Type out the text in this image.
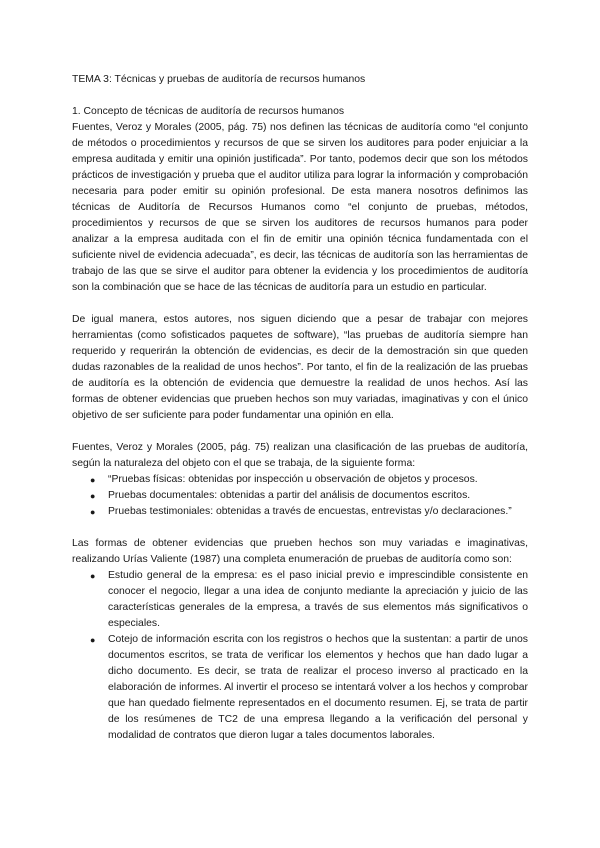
TEMA 3: Técnicas y pruebas de auditoría de recursos humanos

1. Concepto de técnicas de auditoría de recursos humanos

Fuentes, Veroz y Morales (2005, pág. 75) nos definen las técnicas de auditoría como “el conjunto de métodos o procedimientos y recursos de que se sirven los auditores para poder enjuiciar a la empresa auditada y emitir una opinión justificada”. Por tanto, podemos decir que son los métodos prácticos de investigación y prueba que el auditor utiliza para lograr la información y comprobación necesaria para poder emitir su opinión profesional. De esta manera nosotros definimos las técnicas de Auditoría de Recursos Humanos como “el conjunto de pruebas, métodos, procedimientos y recursos de que se sirven los auditores de recursos humanos para poder analizar a la empresa auditada con el fin de emitir una opinión técnica fundamentada con el suficiente nivel de evidencia adecuada”, es decir, las técnicas de auditoría son las herramientas de trabajo de las que se sirve el auditor para obtener la evidencia y los procedimientos de auditoría son la combinación que se hace de las técnicas de auditoría para un estudio en particular.

De igual manera, estos autores, nos siguen diciendo que a pesar de trabajar con mejores herramientas (como sofisticados paquetes de software), “las pruebas de auditoría siempre han requerido y requerirán la obtención de evidencias, es decir de la demostración sin que queden dudas razonables de la realidad de unos hechos”. Por tanto, el fin de la realización de las pruebas de auditoría es la obtención de evidencia que demuestre la realidad de unos hechos. Así las formas de obtener evidencias que prueben hechos son muy variadas, imaginativas y con el único objetivo de ser suficiente para poder fundamentar una opinión en ella.

Fuentes, Veroz y Morales (2005, pág. 75) realizan una clasificación de las pruebas de auditoría, según la naturaleza del objeto con el que se trabaja, de la siguiente forma:

● “Pruebas físicas: obtenidas por inspección u observación de objetos y procesos.
● Pruebas documentales: obtenidas a partir del análisis de documentos escritos.
● Pruebas testimoniales: obtenidas a través de encuestas, entrevistas y/o declaraciones.”

Las formas de obtener evidencias que prueben hechos son muy variadas e imaginativas, realizando Urías Valiente (1987) una completa enumeración de pruebas de auditoría como son:

● Estudio general de la empresa: es el paso inicial previo e imprescindible consistente en conocer el negocio, llegar a una idea de conjunto mediante la apreciación y juicio de las características generales de la empresa, a través de sus elementos más significativos o especiales.
● Cotejo de información escrita con los registros o hechos que la sustentan: a partir de unos documentos escritos, se trata de verificar los elementos y hechos que han dado lugar a dicho documento. Es decir, se trata de realizar el proceso inverso al practicado en la elaboración de informes. Al invertir el proceso se intentará volver a los hechos y comprobar que han quedado fielmente representados en el documento resumen. Ej, se trata de partir de los resúmenes de TC2 de una empresa llegando a la verificación del personal y modalidad de contratos que dieron lugar a tales documentos laborales.
